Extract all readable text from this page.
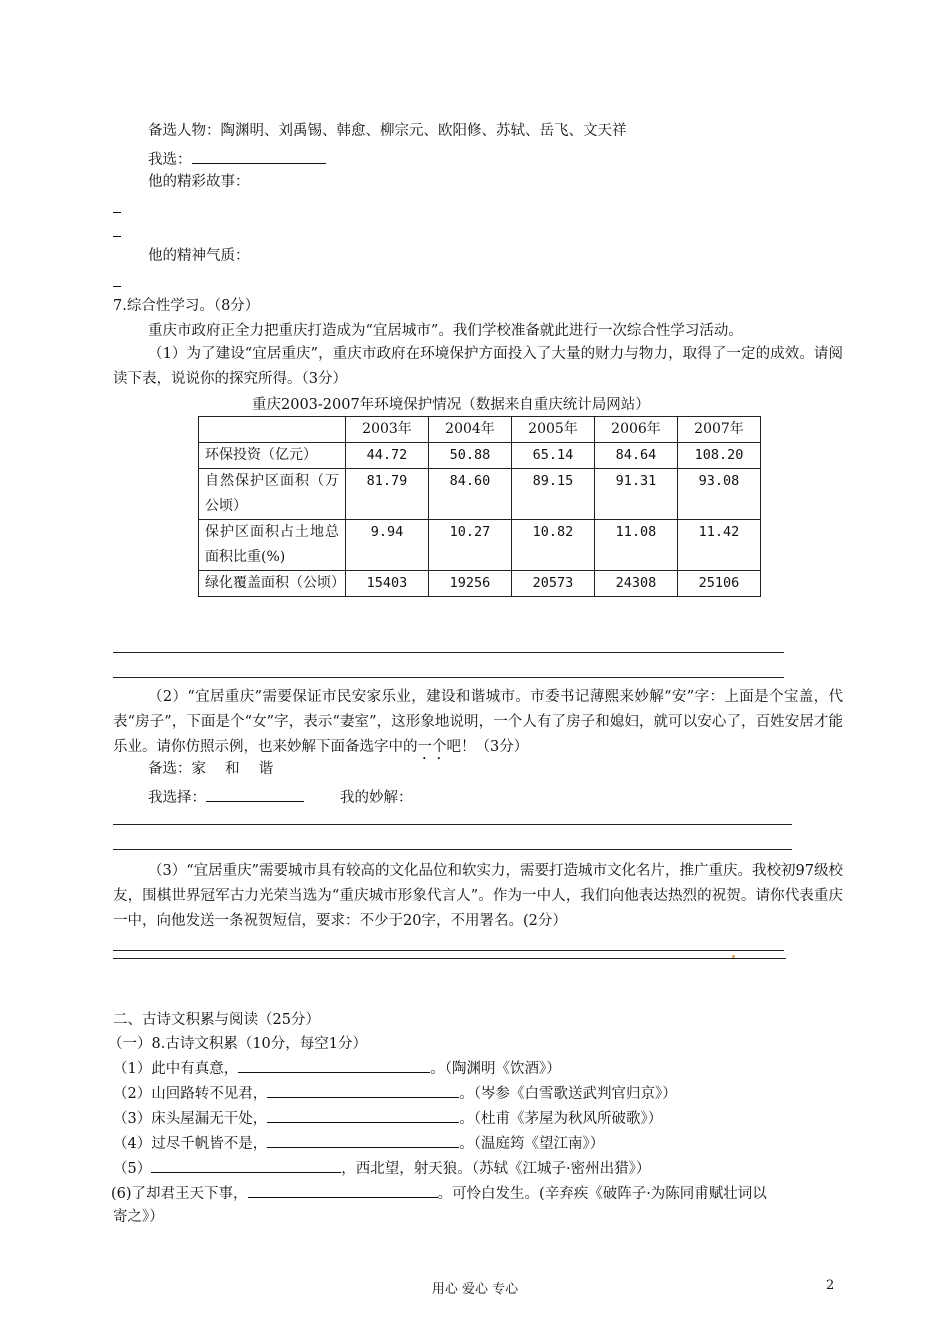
备选人物：陶渊明、刘禹锡、韩愈、柳宗元、欧阳修、苏轼、岳飞、文天祥
我选：
他的精彩故事：
他的精神气质：
7.综合性学习。（8分）
重庆市政府正全力把重庆打造成为“宜居城市”。我们学校准备就此进行一次综合性学习活动。
（1）为了建设“宜居重庆”，重庆市政府在环境保护方面投入了大量的财力与物力，取得了一定的成效。请阅读下表，说说你的探究所得。（3分）
重庆2003-2007年环境保护情况（数据来自重庆统计局网站）
	2003年	2004年	2005年	2006年	2007年
环保投资（亿元）	44.72	50.88	65.14	84.64	108.20
自然保护区面积（万公顷）	81.79	84.60	89.15	91.31	93.08
保护区面积占土地总面积比重(%)	9.94	10.27	10.82	11.08	11.42
绿化覆盖面积（公顷）	15403	19256	20573	24308	25106
（2）“宜居重庆”需要保证市民安家乐业，建设和谐城市。市委书记薄熙来妙解“安”字：上面是个宝盖，代表“房子”，下面是个“女”字，表示“妻室”，这形象地说明，一个人有了房子和媳妇，就可以安心了，百姓安居才能乐业。请你仿照示例，也来妙解下面备选字中的一个吧！（3分）
备选：家　 和　 谐
我选择：	我的妙解：
（3）“宜居重庆”需要城市具有较高的文化品位和软实力，需要打造城市文化名片，推广重庆。我校初97级校友，围棋世界冠军古力光荣当选为“重庆城市形象代言人”。作为一中人，我们向他表达热烈的祝贺。请你代表重庆一中，向他发送一条祝贺短信，要求：不少于20字，不用署名。(2分）
二、古诗文积累与阅读（25分）
（一）8.古诗文积累（10分，每空1分）
（1）此中有真意，	。（陶渊明《饮酒》）
（2）山回路转不见君，	。（岑参《白雪歌送武判官归京》）
（3）床头屋漏无干处，	。（杜甫《茅屋为秋风所破歌》）
（4）过尽千帆皆不是，	。（温庭筠《望江南》）
（5）	，西北望，射天狼。（苏轼《江城子·密州出猎》）
(6)了却君王天下事，	。可怜白发生。(辛弃疾《破阵子·为陈同甫赋壮词以
寄之》）
用心 爱心 专心	2
